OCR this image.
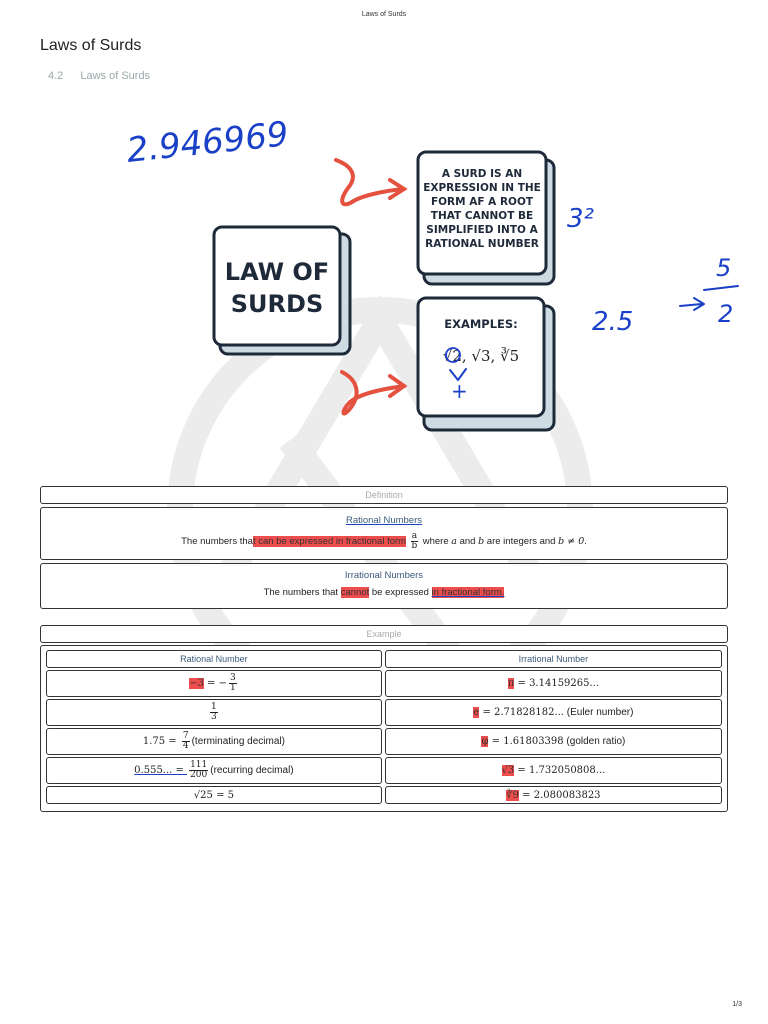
Laws of Surds
Laws of Surds
4.2 Laws of Surds
LAW OF
SURDS
A SURD IS AN
EXPRESSION IN THE
FORM AF A ROOT
THAT CANNOT BE
SIMPLIFIED INTO A
RATIONAL NUMBER
EXAMPLES:
√2, √3, ∛5
2.946969
3²
2.5
5
2
+
Definition
Rational Numbers
The numbers that can be expressed in fractional form $\frac{a}{b}$ where a and b are integers and b ≠ 0.
Irrational Numbers
The numbers that cannot be expressed in fractional form.
Example
Rational Number	Irrational Number
−3 = − $\frac{3}{1}$	π = 3.14159265...

$\frac{1}{3}$	e = 2.71828182... (Euler number)
$1.75 = \frac{7}{4}$ (terminating decimal)	φ = 1.61803398 (golden ratio)
0.555... = $\frac{111}{200}$ (recurring decimal)	√3 = 1.732050808...
√25 = 5	∛9 = 2.080083823
1/3
